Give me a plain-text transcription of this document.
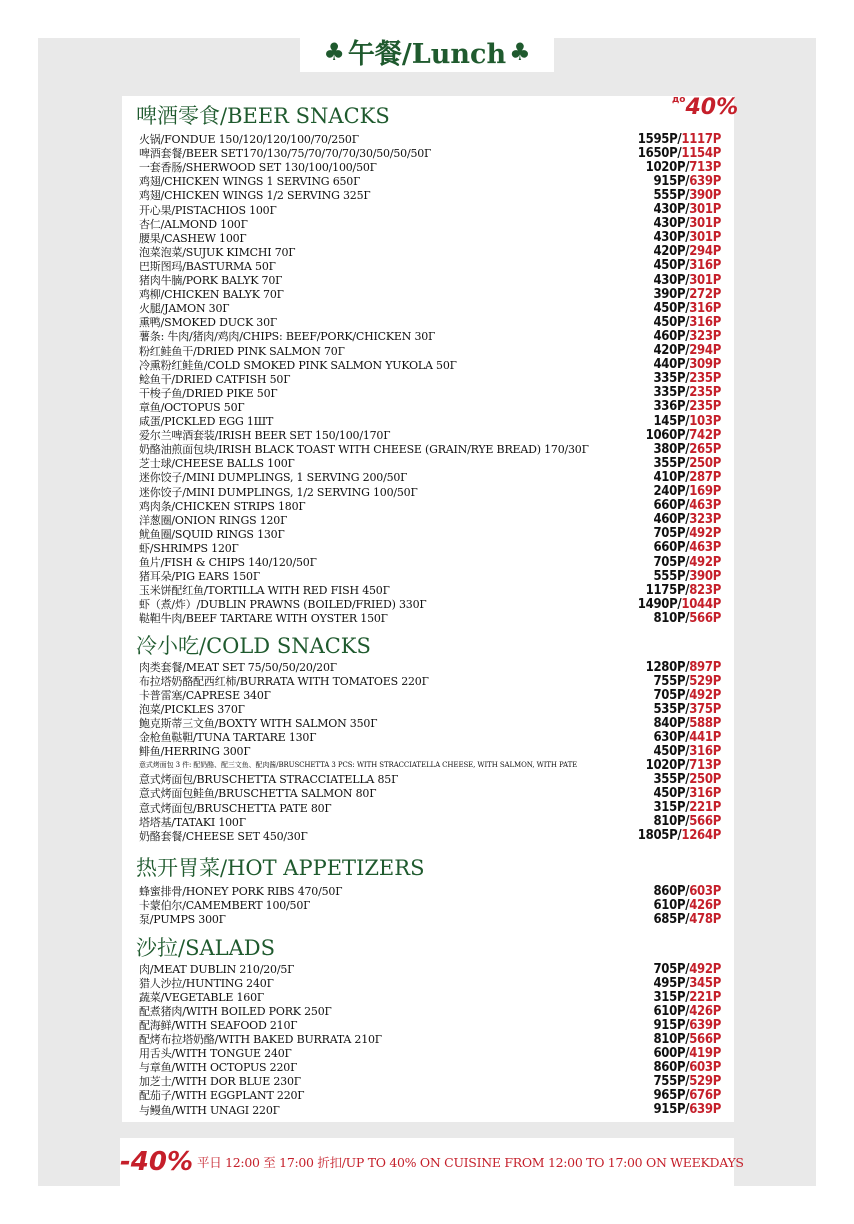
♣ 午餐/Lunch ♣
$^{до}$40%
啤酒零食/BEER SNACKS
火锅/FONDUE 150/120/120/100/70/250Г	1595Р/1117Р
啤酒套餐/BEER SET170/130/75/70/70/70/30/50/50/50Г	1650Р/1154Р
一套香肠/SHERWOOD SET 130/100/100/50Г	1020Р/713Р
鸡翅/CHICKEN WINGS 1 SERVING 650Г	915Р/639Р
鸡翅/CHICKEN WINGS 1/2 SERVING 325Г	555Р/390Р
开心果/PISTACHIOS 100Г	430Р/301Р
杏仁/ALMOND 100Г	430Р/301Р
腰果/CASHEW 100Г	430Р/301Р
泡菜泡菜/SUJUK KIMCHI 70Г	420Р/294Р
巴斯图玛/BASTURMA 50Г	450Р/316Р
猪肉牛腩/PORK BALYK 70Г	430Р/301Р
鸡柳/CHICKEN BALYK 70Г	390Р/272Р
火腿/JAMON 30Г	450Р/316Р
熏鸭/SMOKED DUCK 30Г	450Р/316Р
薯条: 牛肉/猪肉/鸡肉/CHIPS: BEEF/PORK/CHICKEN 30Г	460Р/323Р
粉红鲑鱼干/DRIED PINK SALMON 70Г	420Р/294Р
冷熏粉红鲑鱼/COLD SMOKED PINK SALMON YUKOLA 50Г	440Р/309Р
鲶鱼干/DRIED CATFISH 50Г	335Р/235Р
干梭子鱼/DRIED PIKE 50Г	335Р/235Р
章鱼/OCTOPUS 50Г	336Р/235Р
咸蛋/PICKLED EGG 1ШТ	145Р/103Р
爱尔兰啤酒套装/IRISH BEER SET 150/100/170Г	1060Р/742Р
奶酪油煎面包块/IRISH BLACK TOAST WITH CHEESE (GRAIN/RYE BREAD) 170/30Г	380Р/265Р
芝士球/CHEESE BALLS 100Г	355Р/250Р
迷你饺子/MINI DUMPLINGS, 1 SERVING 200/50Г	410Р/287Р
迷你饺子/MINI DUMPLINGS, 1/2 SERVING 100/50Г	240Р/169Р
鸡肉条/CHICKEN STRIPS 180Г	660Р/463Р
洋葱圈/ONION RINGS 120Г	460Р/323Р
鱿鱼圈/SQUID RINGS 130Г	705Р/492Р
虾/SHRIMPS 120Г	660Р/463Р
鱼片/FISH & CHIPS 140/120/50Г	705Р/492Р
猪耳朵/PIG EARS 150Г	555Р/390Р
玉米饼配红鱼/TORTILLA WITH RED FISH 450Г	1175Р/823Р
虾（煮/炸）/DUBLIN PRAWNS (BOILED/FRIED) 330Г	1490Р/1044Р
鞑靼牛肉/BEEF TARTARE WITH OYSTER 150Г	810Р/566Р
冷小吃/COLD SNACKS
肉类套餐/MEAT SET 75/50/50/20/20Г	1280Р/897Р
布拉塔奶酪配西红柿/BURRATA WITH TOMATOES 220Г	755Р/529Р
卡普雷塞/CAPRESE 340Г	705Р/492Р
泡菜/PICKLES 370Г	535Р/375Р
鲍克斯蒂三文鱼/BOXTY WITH SALMON 350Г	840Р/588Р
金枪鱼鞑靼/TUNA TARTARE 130Г	630Р/441Р
鲱鱼/HERRING 300Г	450Р/316Р
意式烤面包 3 件: 配奶酪、配三文鱼、配肉酱/BRUSCHETTA 3 PCS: WITH STRACCIATELLA CHEESE, WITH SALMON, WITH PATE	1020Р/713Р
意式烤面包/BRUSCHETTA STRACCIATELLA 85Г	355Р/250Р
意式烤面包鲑鱼/BRUSCHETTA SALMON 80Г	450Р/316Р
意式烤面包/BRUSCHETTA PATE 80Г	315Р/221Р
塔塔基/TATAKI 100Г	810Р/566Р
奶酪套餐/CHEESE SET 450/30Г	1805Р/1264Р
热开胃菜/HOT APPETIZERS
蜂蜜排骨/HONEY PORK RIBS 470/50Г	860Р/603Р
卡蒙伯尔/CAMEMBERT 100/50Г	610Р/426Р
泵/PUMPS 300Г	685Р/478Р
沙拉/SALADS
肉/MEAT DUBLIN 210/20/5Г	705Р/492Р
猎人沙拉/HUNTING 240Г	495Р/345Р
蔬菜/VEGETABLE 160Г	315Р/221Р
配煮猪肉/WITH BOILED PORK 250Г	610Р/426Р
配海鲜/WITH SEAFOOD 210Г	915Р/639Р
配烤布拉塔奶酪/WITH BAKED BURRATA 210Г	810Р/566Р
用舌头/WITH TONGUE 240Г	600Р/419Р
与章鱼/WITH OCTOPUS 220Г	860Р/603Р
加芝士/WITH DOR BLUE 230Г	755Р/529Р
配茄子/WITH EGGPLANT 220Г	965Р/676Р
与鳗鱼/WITH UNAGI 220Г	915Р/639Р
-40% 平日 12:00 至 17:00 折扣/UP TO 40% ON CUISINE FROM 12:00 TO 17:00 ON WEEKDAYS
